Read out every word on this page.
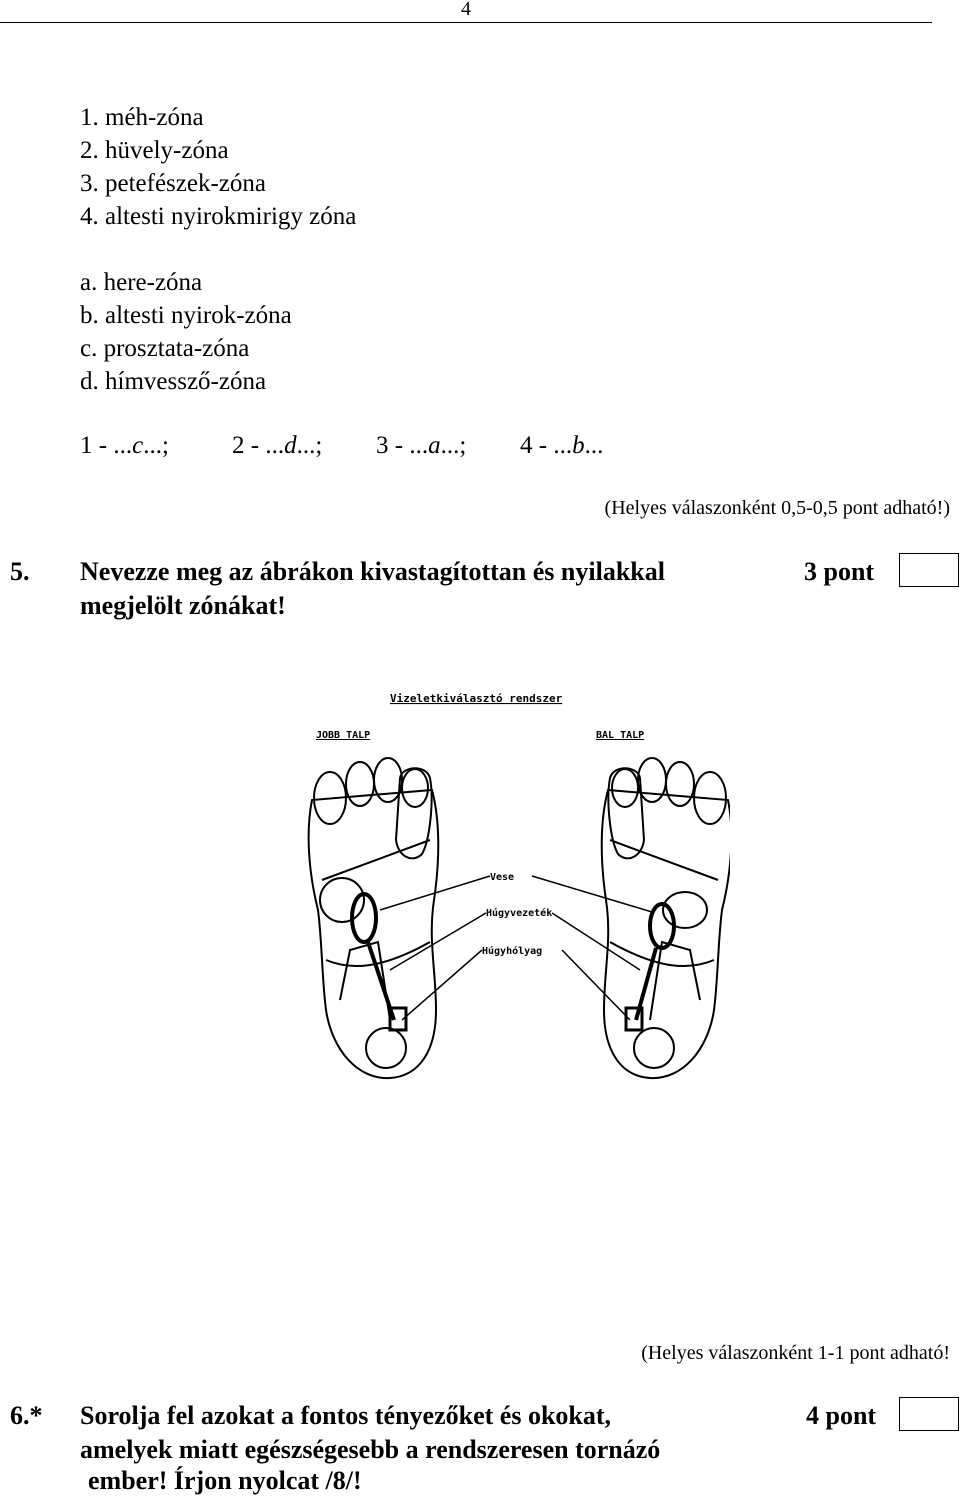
4
1. méh-zóna
2. hüvely-zóna
3. petefészek-zóna
4. altesti nyirokmirigy zóna
a. here-zóna
b. altesti nyirok-zóna
c. prosztata-zóna
d. hímvessző-zóna
1 - ...c...;	2 - ...d...; 3 - ...a...; 4 - ...b...
(Helyes válaszonként 0,5-0,5 pont adható!)
5. Nevezze meg az ábrákon kivastagítottan és nyilakkal
megjelölt zónákat!
3 pont
Vizeletkiválasztó rendszer
JOBB TALP	BAL TALP
Vese
Húgyvezeték
Húgyhólyag
(Helyes válaszonként 1-1 pont adható!
6.* Sorolja fel azokat a fontos tényezőket és okokat,
amelyek miatt egészségesebb a rendszeresen tornázó
ember! Írjon nyolcat /8/!
4 pont
